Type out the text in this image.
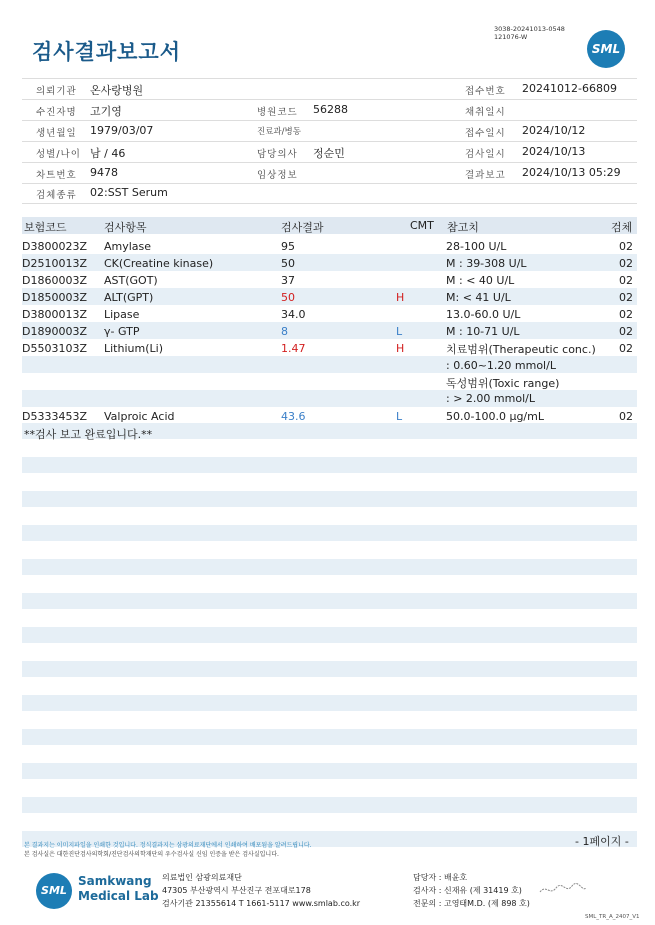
검사결과보고서
3038-20241013-0548
121076-W
SML
의뢰기관 온사랑병원	접수번호 20241012-66809
수진자명 고기영	병원코드 56288	채취일시
생년월일 1979/03/07	진료과/병동	접수일시 2024/10/12
성별/나이 남 / 46	담당의사 정순민	검사일시 2024/10/13
차트번호 9478	임상정보	결과보고 2024/10/13 05:29
검체종류 02:SST Serum
보험코드	검사항목	검사결과	CMT 참고치	검체
D3800023Z Amylase	95	28-100 U/L	02
D2510013Z CK(Creatine kinase)	50	M : 39-308 U/L	02
D1860003Z AST(GOT)	37	M : < 40 U/L	02
D1850003Z ALT(GPT)	50	H	M: < 41 U/L	02
D3800013Z Lipase	34.0	13.0-60.0 U/L	02
D1890003Z γ- GTP	8	L	M : 10-71 U/L	02
D5503103Z Lithium(Li)	1.47	H	치료범위(Therapeutic conc.) 02
: 0.60~1.20 mmol/L
독성범위(Toxic range)
: > 2.00 mmol/L
D5333453Z Valproic Acid	43.6	L	50.0-100.0 μg/mL	02
**검사 보고 완료입니다.**
- 1페이지 -
본 결과지는 이미지파일을 인쇄한 것입니다. 정식결과지는 삼광의료재단에서 인쇄하여 배포됨을 알려드립니다.
본 검사실은 대한진단검사의학회/진단검사의학재단의 우수검사실 신임 인증을 받은 검사실입니다.
SML
Samkwang
Medical Lab
의료법인 삼광의료재단
47305 부산광역시 부산진구 전포대로178
검사기관 21355614 T 1661-5117 www.smlab.co.kr
담당자 : 배윤호
검사자 : 신재유 (제 31419 호)
전문의 : 고영태M.D. (제 898 호)
SML_TR_A_2407_V1
